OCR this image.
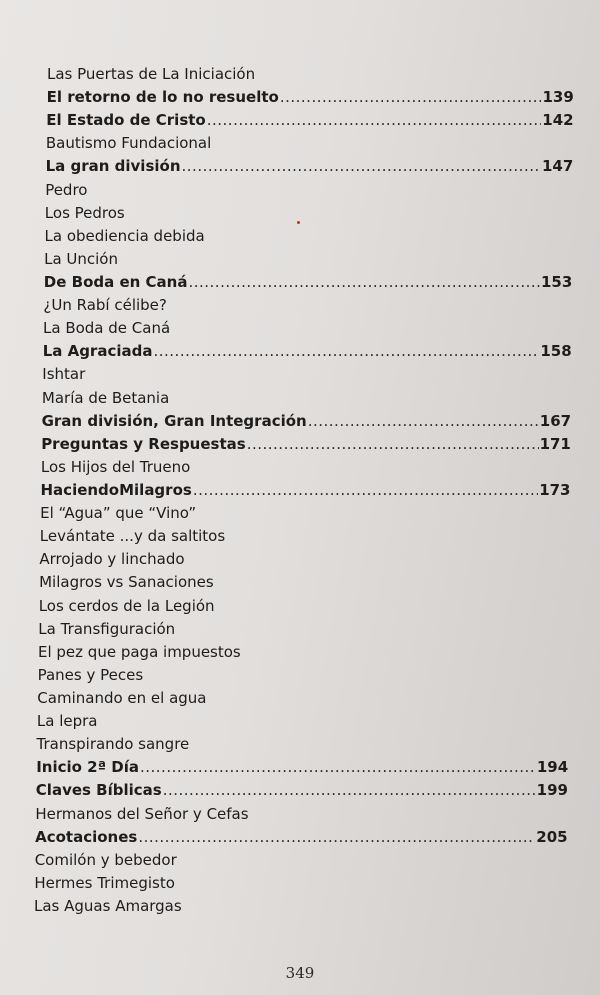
Las Puertas de La Iniciación
El retorno de lo no resuelto .....	139
El Estado de Cristo .....	142
Bautismo Fundacional
La gran división .....	147
Pedro
Los Pedros
La obediencia debida
La Unción
De Boda en Caná .....	153
¿Un Rabí célibe?
La Boda de Caná
La Agraciada .....	158
Ishtar
María de Betania
Gran división, Gran Integración .....	167
Preguntas y Respuestas .....	171
Los Hijos del Trueno
HaciendoMilagros .....	173
El “Agua” que “Vino”
Levántate ...y da saltitos
Arrojado y linchado
Milagros vs Sanaciones
Los cerdos de la Legión
La Transfiguración
El pez que paga impuestos
Panes y Peces
Caminando en el agua
La lepra
Transpirando sangre
Inicio 2ª Día .....	194
Claves Bíblicas .....	199
Hermanos del Señor y Cefas
Acotaciones .....	205
Comilón y bebedor
Hermes Trimegisto
Las Aguas Amargas
349
